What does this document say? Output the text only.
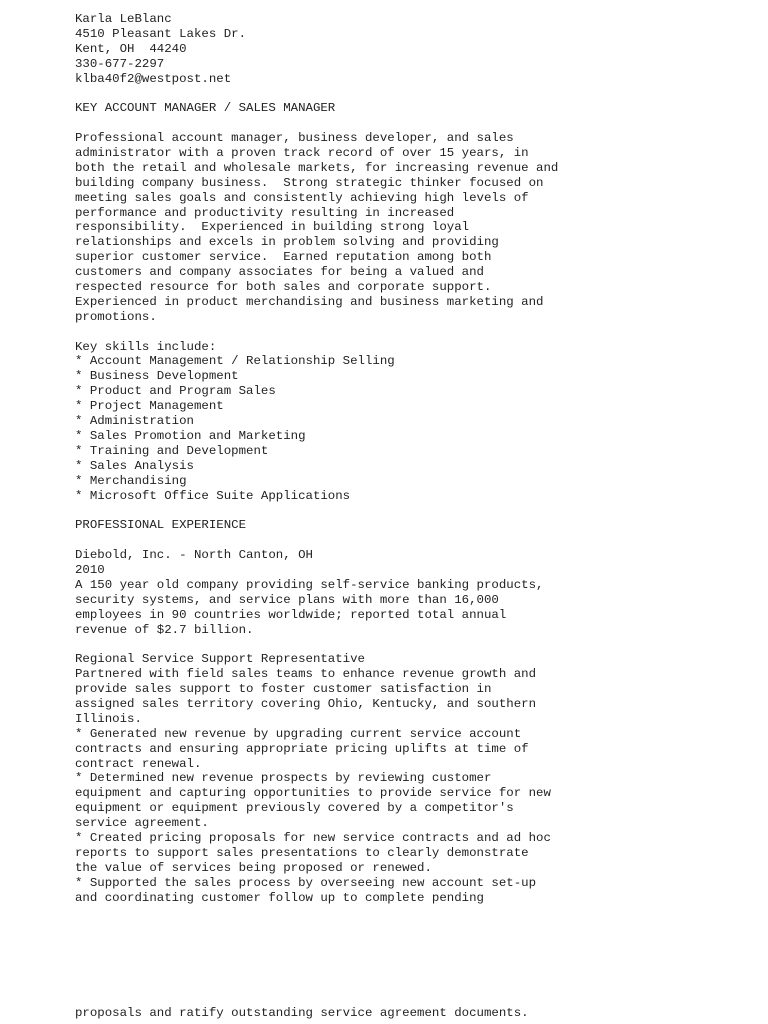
Karla LeBlanc
4510 Pleasant Lakes Dr.
Kent, OH  44240
330-677-2297
klba40f2@westpost.net
KEY ACCOUNT MANAGER / SALES MANAGER
Professional account manager, business developer, and sales
administrator with a proven track record of over 15 years, in
both the retail and wholesale markets, for increasing revenue and
building company business.  Strong strategic thinker focused on
meeting sales goals and consistently achieving high levels of
performance and productivity resulting in increased
responsibility.  Experienced in building strong loyal
relationships and excels in problem solving and providing
superior customer service.  Earned reputation among both
customers and company associates for being a valued and
respected resource for both sales and corporate support.
Experienced in product merchandising and business marketing and
promotions.
Key skills include:
* Account Management / Relationship Selling
* Business Development
* Product and Program Sales
* Project Management
* Administration
* Sales Promotion and Marketing
* Training and Development
* Sales Analysis
* Merchandising
* Microsoft Office Suite Applications
PROFESSIONAL EXPERIENCE
Diebold, Inc. - North Canton, OH
2010
A 150 year old company providing self-service banking products,
security systems, and service plans with more than 16,000
employees in 90 countries worldwide; reported total annual
revenue of $2.7 billion.
Regional Service Support Representative
Partnered with field sales teams to enhance revenue growth and
provide sales support to foster customer satisfaction in
assigned sales territory covering Ohio, Kentucky, and southern
Illinois.
* Generated new revenue by upgrading current service account
contracts and ensuring appropriate pricing uplifts at time of
contract renewal.
* Determined new revenue prospects by reviewing customer
equipment and capturing opportunities to provide service for new
equipment or equipment previously covered by a competitor's
service agreement.
* Created pricing proposals for new service contracts and ad hoc
reports to support sales presentations to clearly demonstrate
the value of services being proposed or renewed.
* Supported the sales process by overseeing new account set-up
and coordinating customer follow up to complete pending
proposals and ratify outstanding service agreement documents.
